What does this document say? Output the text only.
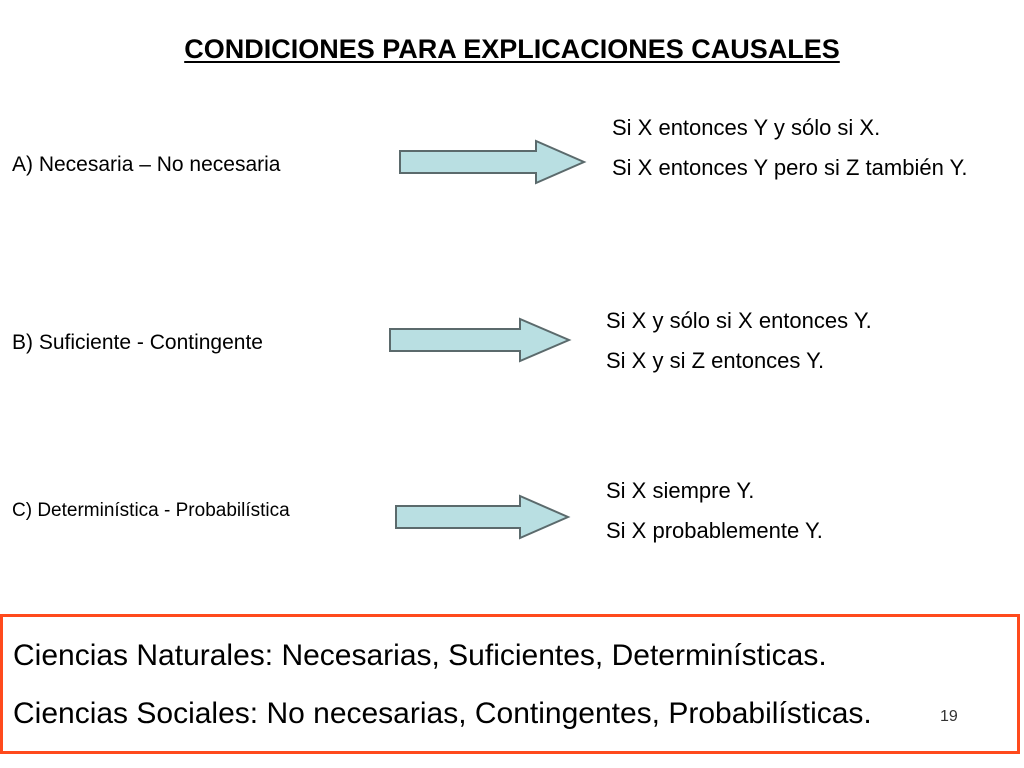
CONDICIONES PARA EXPLICACIONES CAUSALES
A) Necesaria – No necesaria

Si X entonces Y y sólo si X.

Si X entonces Y pero si Z también Y.

B) Suficiente - Contingente

Si X y sólo si X entonces Y.

Si X y si Z entonces Y.

C) Determinística - Probabilística

Si X siempre Y.

Si X probablemente Y.

Ciencias Naturales: Necesarias, Suficientes, Determinísticas.

Ciencias Sociales: No necesarias, Contingentes, Probabilísticas.	19
